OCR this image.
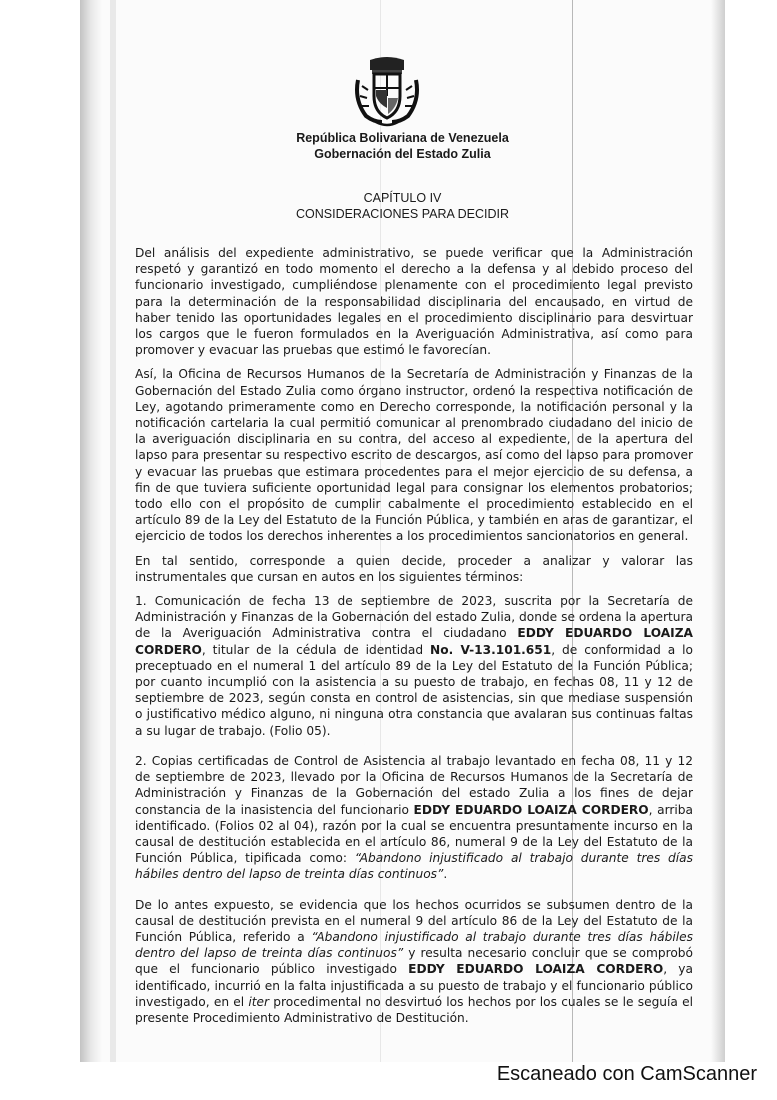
República Bolivariana de Venezuela
Gobernación del Estado Zulia
CAPÍTULO IV
CONSIDERACIONES PARA DECIDIR

Del análisis del expediente administrativo, se puede verificar que la Administración respetó y garantizó en todo momento el derecho a la defensa y al debido proceso del funcionario investigado, cumpliéndose plenamente con el procedimiento legal previsto para la determinación de la responsabilidad disciplinaria del encausado, en virtud de haber tenido las oportunidades legales en el procedimiento disciplinario para desvirtuar los cargos que le fueron formulados en la Averiguación Administrativa, así como para promover y evacuar las pruebas que estimó le favorecían.

Así, la Oficina de Recursos Humanos de la Secretaría de Administración y Finanzas de la Gobernación del Estado Zulia como órgano instructor, ordenó la respectiva notificación de Ley, agotando primeramente como en Derecho corresponde, la notificación personal y la notificación cartelaria la cual permitió comunicar al prenombrado ciudadano del inicio de la averiguación disciplinaria en su contra, del acceso al expediente, de la apertura del lapso para presentar su respectivo escrito de descargos, así como del lapso para promover y evacuar las pruebas que estimara procedentes para el mejor ejercicio de su defensa, a fin de que tuviera suficiente oportunidad legal para consignar los elementos probatorios; todo ello con el propósito de cumplir cabalmente el procedimiento establecido en el artículo 89 de la Ley del Estatuto de la Función Pública, y también en aras de garantizar, el ejercicio de todos los derechos inherentes a los procedimientos sancionatorios en general.

En tal sentido, corresponde a quien decide, proceder a analizar y valorar las instrumentales que cursan en autos en los siguientes términos:

1. Comunicación de fecha 13 de septiembre de 2023, suscrita por la Secretaría de Administración y Finanzas de la Gobernación del estado Zulia, donde se ordena la apertura de la Averiguación Administrativa contra el ciudadano EDDY EDUARDO LOAIZA CORDERO, titular de la cédula de identidad No. V-13.101.651, de conformidad a lo preceptuado en el numeral 1 del artículo 89 de la Ley del Estatuto de la Función Pública; por cuanto incumplió con la asistencia a su puesto de trabajo, en fechas 08, 11 y 12 de septiembre de 2023, según consta en control de asistencias, sin que mediase suspensión o justificativo médico alguno, ni ninguna otra constancia que avalaran sus continuas faltas a su lugar de trabajo. (Folio 05).

2. Copias certificadas de Control de Asistencia al trabajo levantado en fecha 08, 11 y 12 de septiembre de 2023, llevado por la Oficina de Recursos Humanos de la Secretaría de Administración y Finanzas de la Gobernación del estado Zulia a los fines de dejar constancia de la inasistencia del funcionario EDDY EDUARDO LOAIZA CORDERO, arriba identificado. (Folios 02 al 04), razón por la cual se encuentra presuntamente incurso en la causal de destitución establecida en el artículo 86, numeral 9 de la Ley del Estatuto de la Función Pública, tipificada como: “Abandono injustificado al trabajo durante tres días hábiles dentro del lapso de treinta días continuos”.

De lo antes expuesto, se evidencia que los hechos ocurridos se subsumen dentro de la causal de destitución prevista en el numeral 9 del artículo 86 de la Ley del Estatuto de la Función Pública, referido a “Abandono injustificado al trabajo durante tres días hábiles dentro del lapso de treinta días continuos” y resulta necesario concluir que se comprobó que el funcionario público investigado EDDY EDUARDO LOAIZA CORDERO, ya identificado, incurrió en la falta injustificada a su puesto de trabajo y el funcionario público investigado, en el iter procedimental no desvirtuó los hechos por los cuales se le seguía el presente Procedimiento Administrativo de Destitución.

Escaneado con CamScanner
